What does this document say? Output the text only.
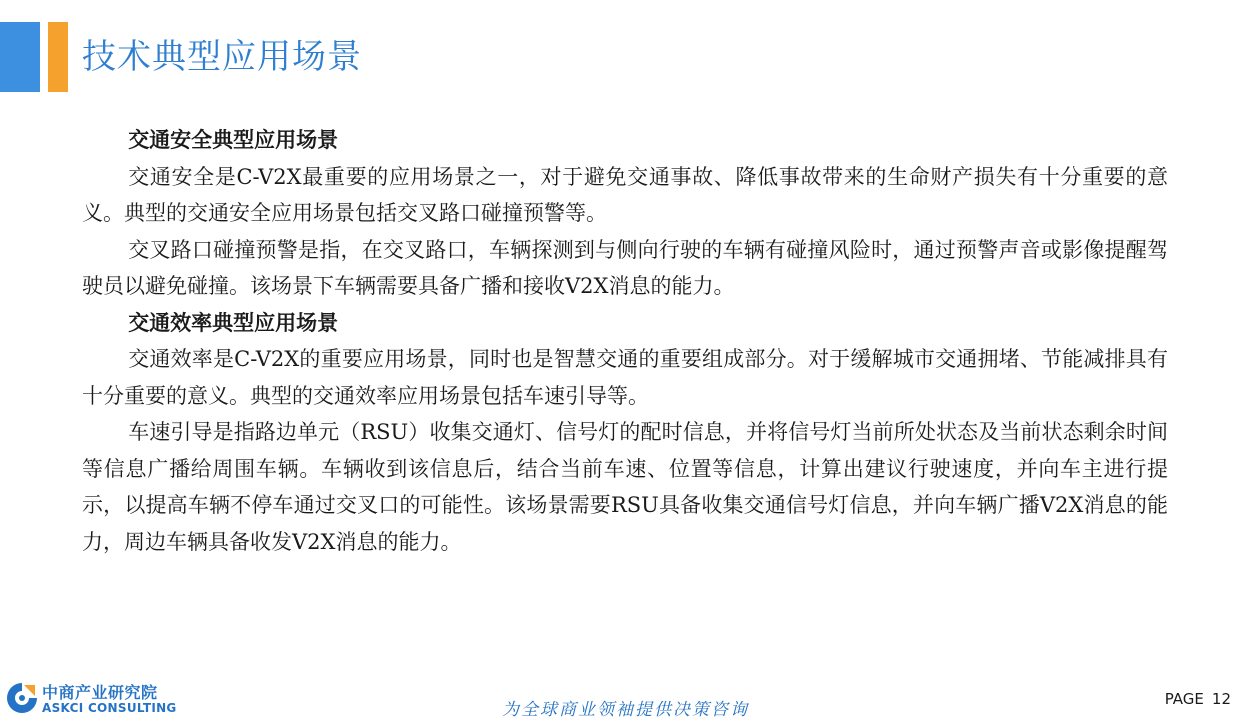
技术典型应用场景

交通安全典型应用场景

交通安全是C-V2X最重要的应用场景之一，对于避免交通事故、降低事故带来的生命财产损失有十分重要的意义。典型的交通安全应用场景包括交叉路口碰撞预警等。

交叉路口碰撞预警是指，在交叉路口，车辆探测到与侧向行驶的车辆有碰撞风险时，通过预警声音或影像提醒驾驶员以避免碰撞。该场景下车辆需要具备广播和接收V2X消息的能力。

交通效率典型应用场景

交通效率是C-V2X的重要应用场景，同时也是智慧交通的重要组成部分。对于缓解城市交通拥堵、节能减排具有十分重要的意义。典型的交通效率应用场景包括车速引导等。

车速引导是指路边单元（RSU）收集交通灯、信号灯的配时信息，并将信号灯当前所处状态及当前状态剩余时间等信息广播给周围车辆。车辆收到该信息后，结合当前车速、位置等信息，计算出建议行驶速度，并向车主进行提示，以提高车辆不停车通过交叉口的可能性。该场景需要RSU具备收集交通信号灯信息，并向车辆广播V2X消息的能力，周边车辆具备收发V2X消息的能力。

中商产业研究院
ASKCI CONSULTING	为全球商业领袖提供决策咨询
PAGE 12
